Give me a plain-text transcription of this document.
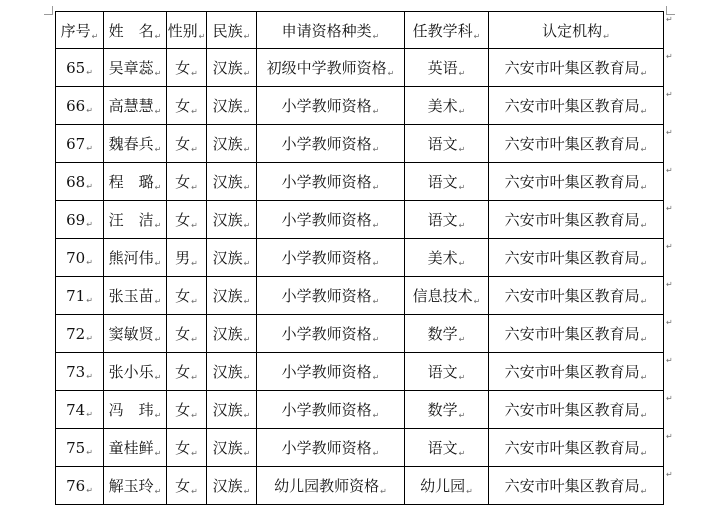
序号↵	姓　名↵	性别↵	民族↵	申请资格种类↵	任教学科↵	认定机构↵
65↵	吴章蕊↵	女↵	汉族↵	初级中学教师资格↵	英语↵	六安市叶集区教育局↵
66↵	高慧慧↵	女↵	汉族↵	小学教师资格↵	美术↵	六安市叶集区教育局↵
67↵	魏春兵↵	女↵	汉族↵	小学教师资格↵	语文↵	六安市叶集区教育局↵
68↵	程　璐↵	女↵	汉族↵	小学教师资格↵	语文↵	六安市叶集区教育局↵
69↵	汪　洁↵	女↵	汉族↵	小学教师资格↵	语文↵	六安市叶集区教育局↵
70↵	熊河伟↵	男↵	汉族↵	小学教师资格↵	美术↵	六安市叶集区教育局↵
71↵	张玉苗↵	女↵	汉族↵	小学教师资格↵	信息技术↵	六安市叶集区教育局↵
72↵	窦敏贤↵	女↵	汉族↵	小学教师资格↵	数学↵	六安市叶集区教育局↵
73↵	张小乐↵	女↵	汉族↵	小学教师资格↵	语文↵	六安市叶集区教育局↵
74↵	冯　玮↵	女↵	汉族↵	小学教师资格↵	数学↵	六安市叶集区教育局↵
75↵	童桂鲜↵	女↵	汉族↵	小学教师资格↵	语文↵	六安市叶集区教育局↵
76↵	解玉玲↵	女↵	汉族↵	幼儿园教师资格↵	幼儿园↵	六安市叶集区教育局↵
↵
↵
↵
↵
↵
↵
↵
↵
↵
↵
↵
↵
↵
